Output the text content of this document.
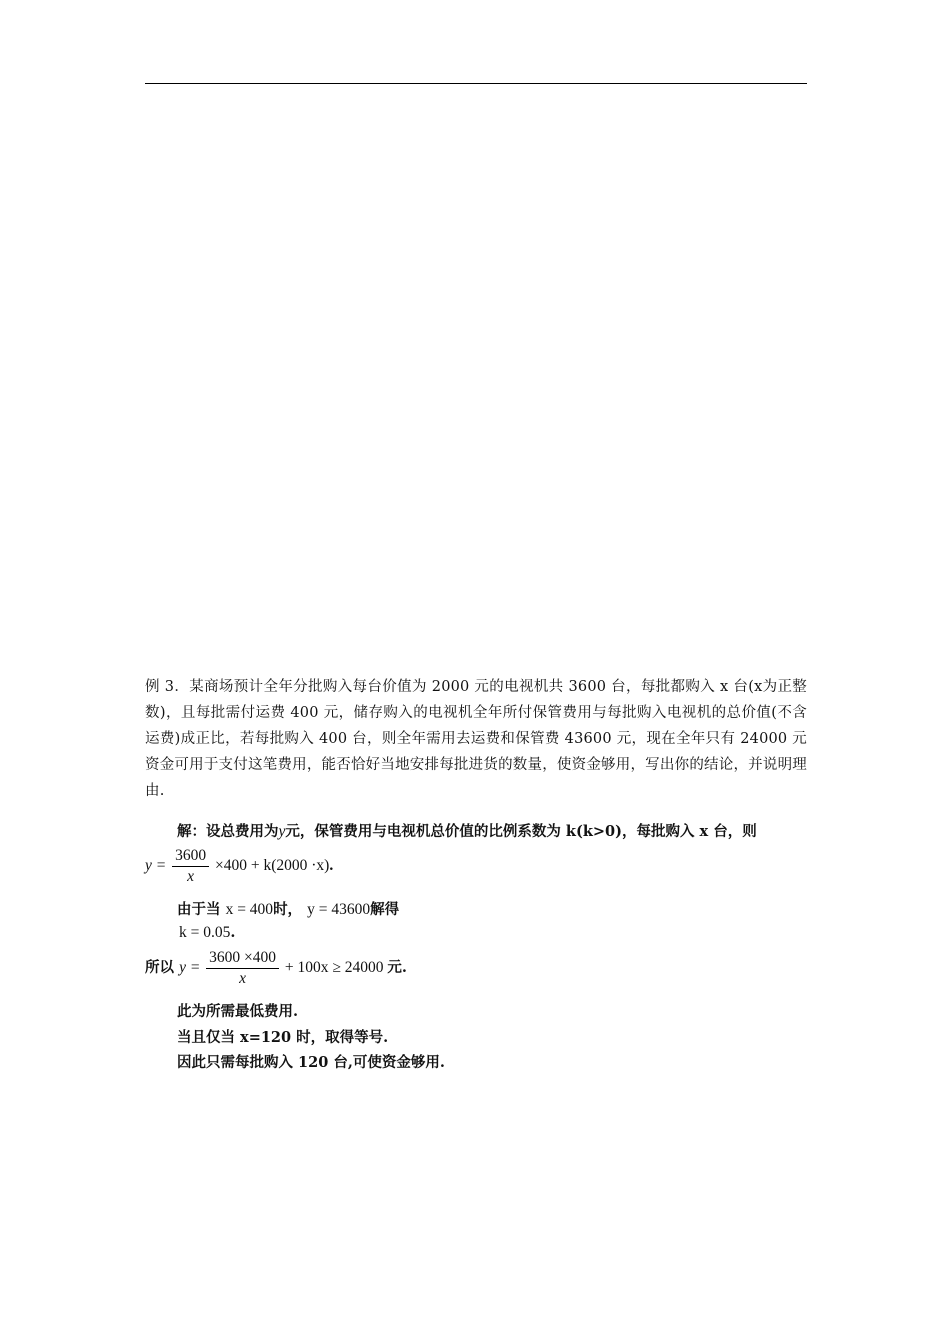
例 3．某商场预计全年分批购入每台价值为 2000 元的电视机共 3600 台，每批都购入 x 台(x为正整数)，且每批需付运费 400 元，储存购入的电视机全年所付保管费用与每批购入电视机的总价值(不含运费)成正比，若每批购入 400 台，则全年需用去运费和保管费 43600 元，现在全年只有 24000 元资金可用于支付这笔费用，能否恰好当地安排每批进货的数量，使资金够用，写出你的结论，并说明理由.
解：设总费用为y元，保管费用与电视机总价值的比例系数为 k(k>0)，每批购入 x 台，则
$y = \frac{3600}{x} \times 400 + k(2000 \cdot x)$.
由于当 x = 400时， y = 43600解得
k = 0.05.
所以 $y = \frac{3600 \times 400}{x} + 100x \ge 24000$ 元.
此为所需最低费用.
当且仅当 x=120 时，取得等号.
因此只需每批购入 120 台,可使资金够用.
